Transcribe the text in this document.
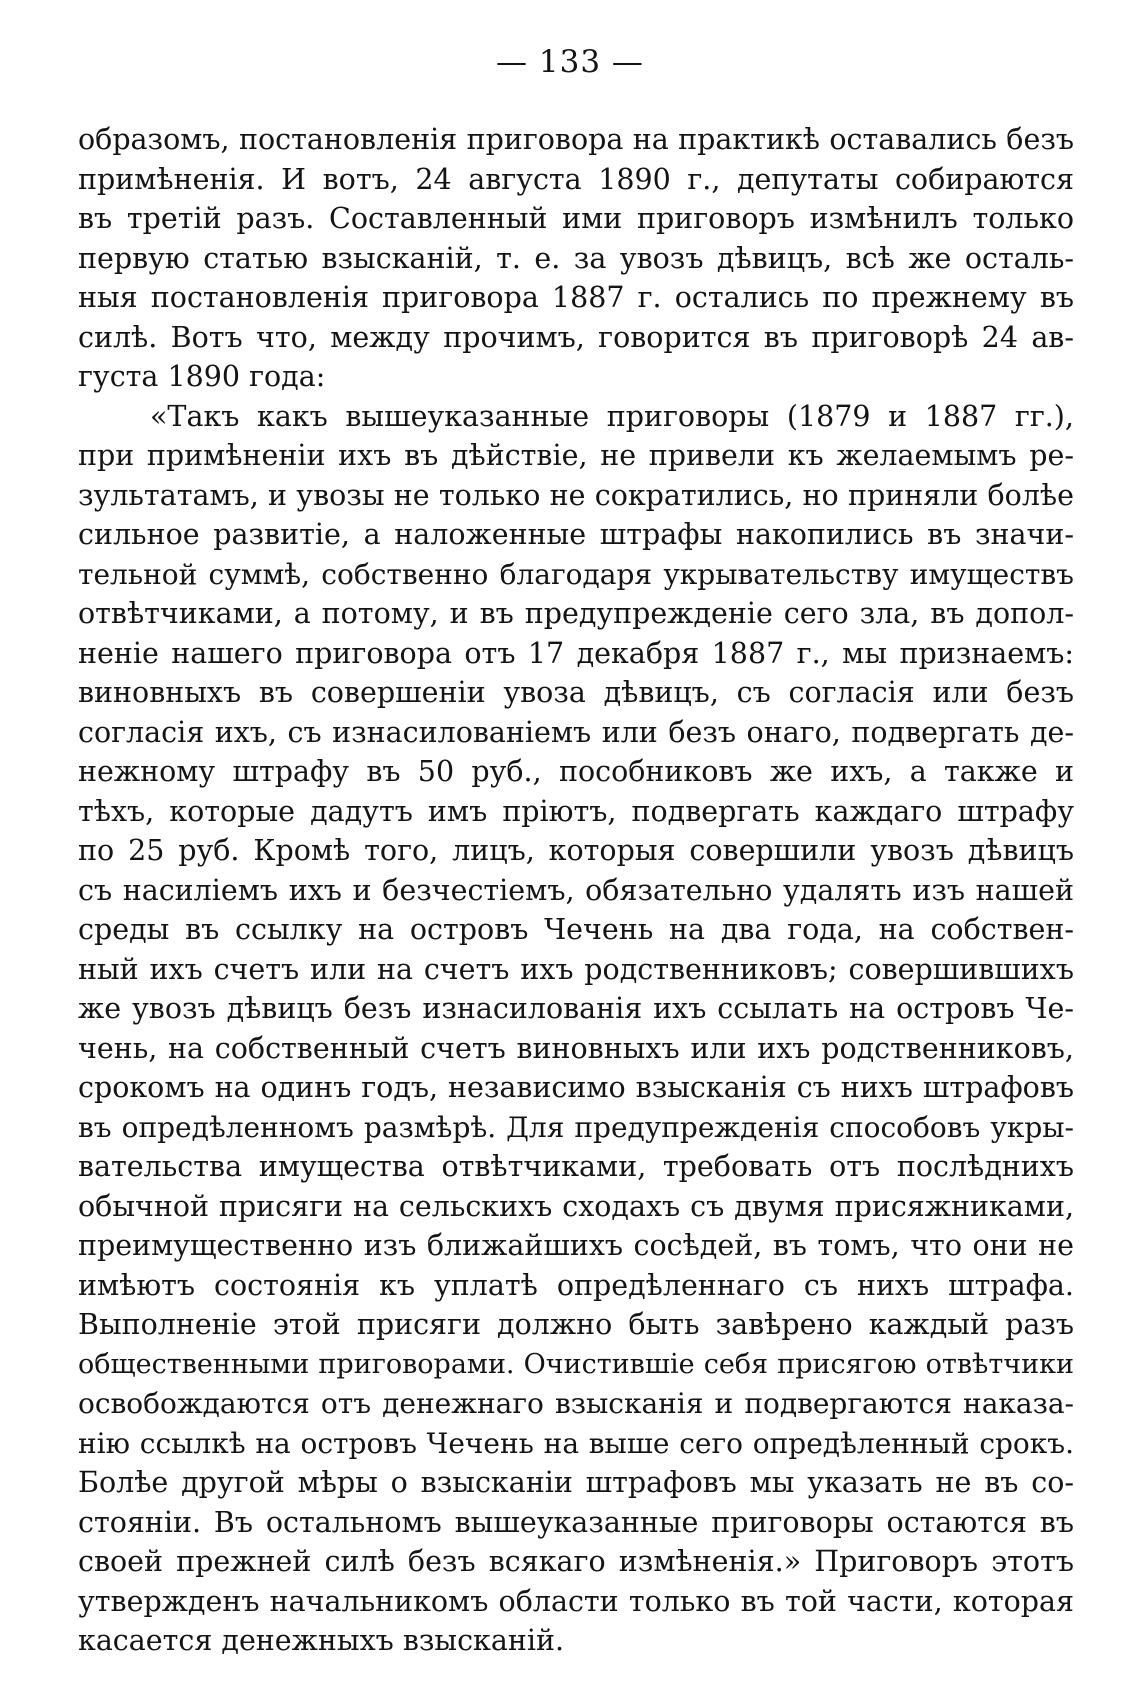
— 133 —
образомъ, постановленія приговора на практикѣ оставались безъ
примѣненія. И вотъ, 24 августа 1890 г., депутаты собираются
въ третій разъ. Составленный ими приговоръ измѣнилъ только
первую статью взысканій, т. е. за увозъ дѣвицъ, всѣ же осталь-
ныя постановленія приговора 1887 г. остались по прежнему въ
силѣ. Вотъ что, между прочимъ, говорится въ приговорѣ 24 ав-
густа 1890 года:
«Такъ какъ вышеуказанные приговоры (1879 и 1887 гг.),
при примѣненіи ихъ въ дѣйствіе, не привели къ желаемымъ ре-
зультатамъ, и увозы не только не сократились, но приняли болѣе
сильное развитіе, а наложенные штрафы накопились въ значи-
тельной суммѣ, собственно благодаря укрывательству имуществъ
отвѣтчиками, а потому, и въ предупрежденіе сего зла, въ допол-
неніе нашего приговора отъ 17 декабря 1887 г., мы признаемъ:
виновныхъ въ совершеніи увоза дѣвицъ, съ согласія или безъ
согласія ихъ, съ изнасилованіемъ или безъ онаго, подвергать де-
нежному штрафу въ 50 руб., пособниковъ же ихъ, а также и
тѣхъ, которые дадутъ имъ пріютъ, подвергать каждаго штрафу
по 25 руб. Кромѣ того, лицъ, которыя совершили увозъ дѣвицъ
съ насиліемъ ихъ и безчестіемъ, обязательно удалять изъ нашей
среды въ ссылку на островъ Чечень на два года, на собствен-
ный ихъ счетъ или на счетъ ихъ родственниковъ; совершившихъ
же увозъ дѣвицъ безъ изнасилованія ихъ ссылать на островъ Че-
чень, на собственный счетъ виновныхъ или ихъ родственниковъ,
срокомъ на одинъ годъ, независимо взысканія съ нихъ штрафовъ
въ опредѣленномъ размѣрѣ. Для предупрежденія способовъ укры-
вательства имущества отвѣтчиками, требовать отъ послѣднихъ
обычной присяги на сельскихъ сходахъ съ двумя присяжниками,
преимущественно изъ ближайшихъ сосѣдей, въ томъ, что они не
имѣютъ состоянія къ уплатѣ опредѣленнаго съ нихъ штрафа.
Выполненіе этой присяги должно быть завѣрено каждый разъ
общественными приговорами. Очистившіе себя присягою отвѣтчики
освобождаются отъ денежнаго взысканія и подвергаются наказа-
нію ссылкѣ на островъ Чечень на выше сего опредѣленный срокъ.
Болѣе другой мѣры о взысканіи штрафовъ мы указать не въ со-
стояніи. Въ остальномъ вышеуказанные приговоры остаются въ
своей прежней силѣ безъ всякаго измѣненія.» Приговоръ этотъ
утвержденъ начальникомъ области только въ той части, которая
касается денежныхъ взысканій.
